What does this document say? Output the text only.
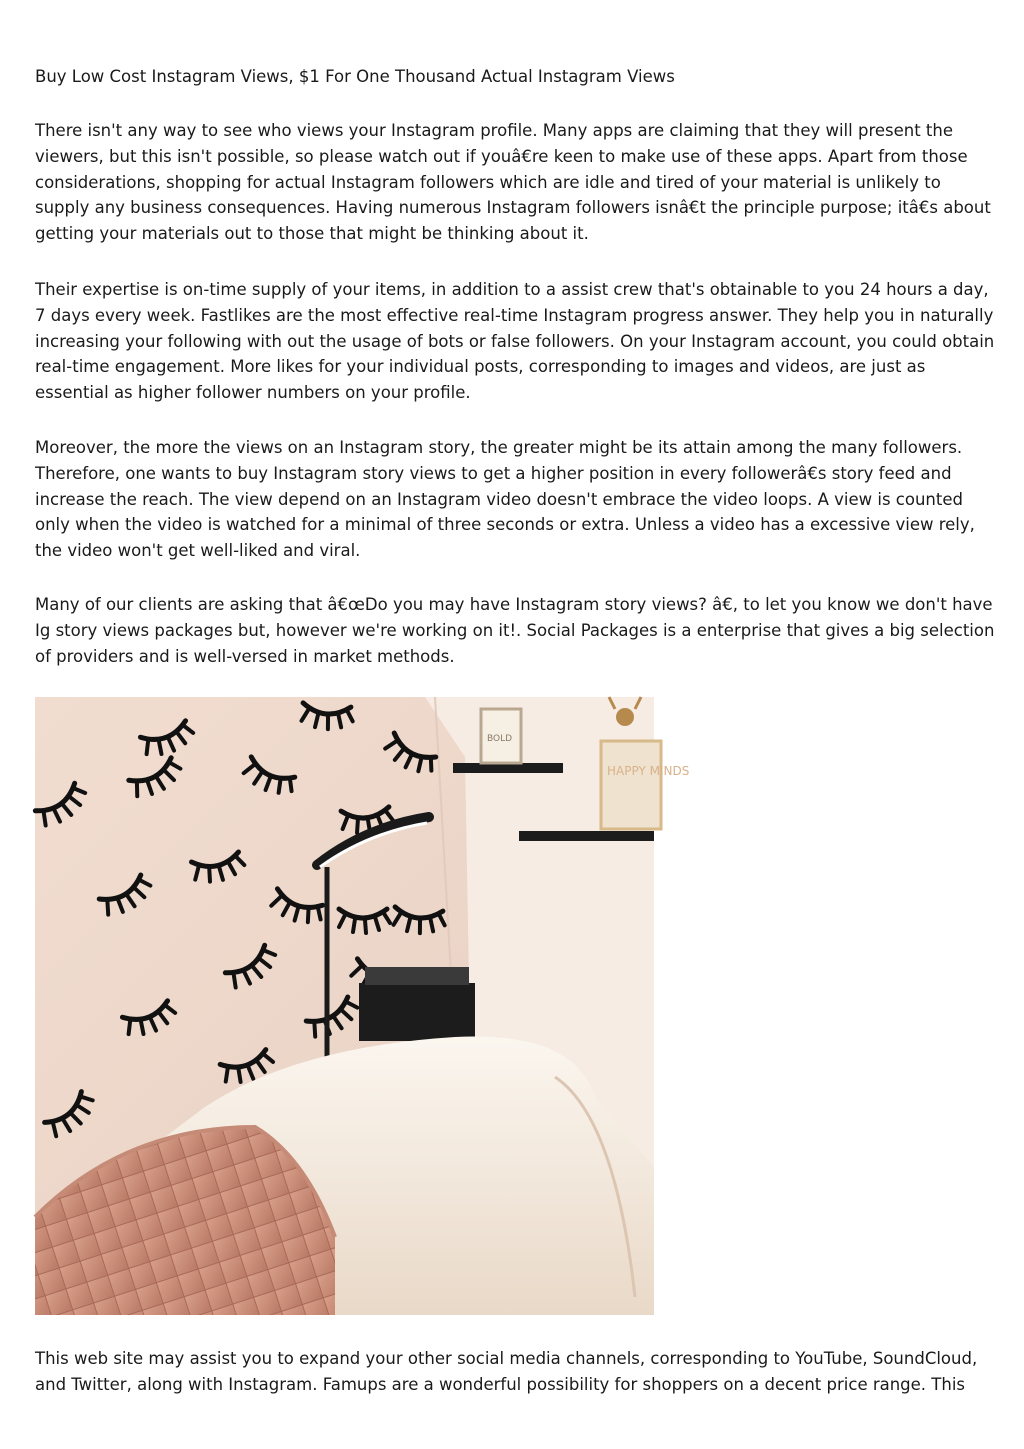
Buy Low Cost Instagram Views, $1 For One Thousand Actual Instagram Views

There isn't any way to see who views your Instagram profile. Many apps are claiming that they will present the viewers, but this isn't possible, so please watch out if youâ€re keen to make use of these apps. Apart from those considerations, shopping for actual Instagram followers which are idle and tired of your material is unlikely to supply any business consequences. Having numerous Instagram followers isnâ€t the principle purpose; itâ€s about getting your materials out to those that might be thinking about it.

Their expertise is on-time supply of your items, in addition to a assist crew that's obtainable to you 24 hours a day, 7 days every week. Fastlikes are the most effective real-time Instagram progress answer. They help you in naturally increasing your following with out the usage of bots or false followers. On your Instagram account, you could obtain real-time engagement. More likes for your individual posts, corresponding to images and videos, are just as essential as higher follower numbers on your profile.

Moreover, the more the views on an Instagram story, the greater might be its attain among the many followers. Therefore, one wants to buy Instagram story views to get a higher position in every followerâ€s story feed and increase the reach. The view depend on an Instagram video doesn't embrace the video loops. A view is counted only when the video is watched for a minimal of three seconds or extra. Unless a video has a excessive view rely, the video won't get well-liked and viral.

Many of our clients are asking that â€œDo you may have Instagram story views? â€, to let you know we don't have Ig story views packages but, however we're working on it!. Social Packages is a enterprise that gives a big selection of providers and is well-versed in market methods.

HAPPY MINDS
BOLD

This web site may assist you to expand your other social media channels, corresponding to YouTube, SoundCloud, and Twitter, along with Instagram. Famups are a wonderful possibility for shoppers on a decent price range. This
